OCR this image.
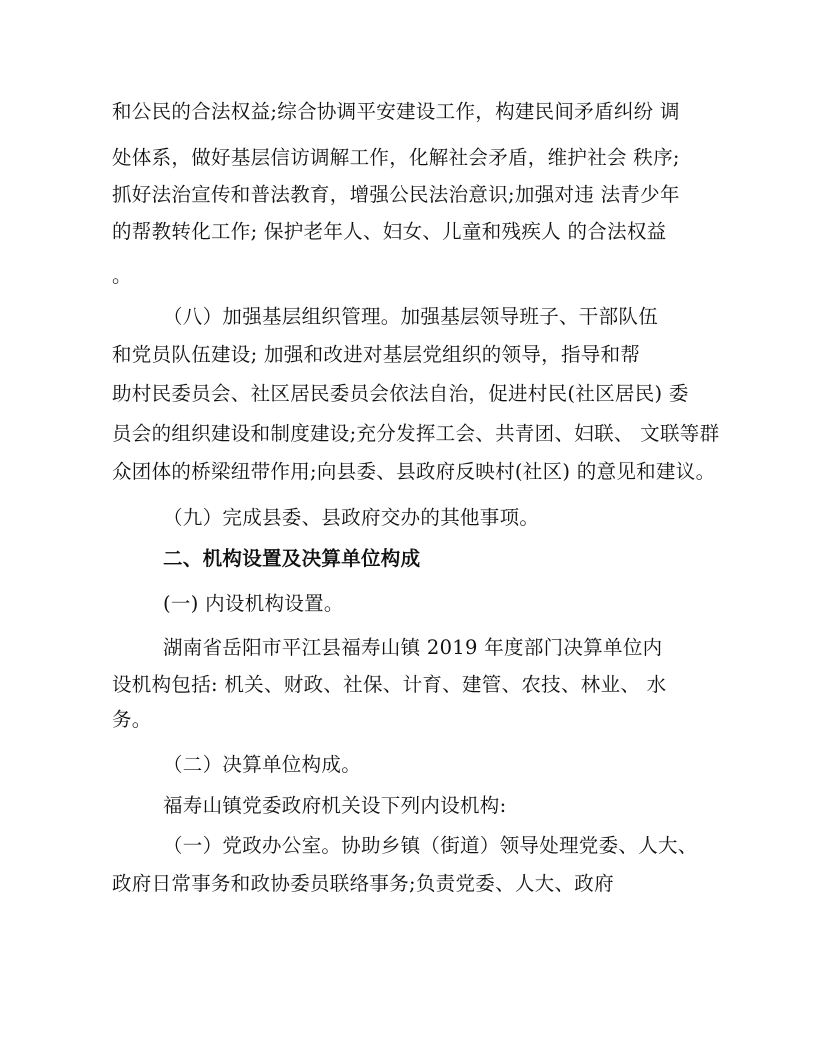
和公民的合法权益;综合协调平安建设工作，构建民间矛盾纠纷 调
处体系，做好基层信访调解工作，化解社会矛盾，维护社会 秩序;
抓好法治宣传和普法教育，增强公民法治意识;加强对违 法青少年
的帮教转化工作; 保护老年人、妇女、儿童和残疾人 的合法权益
。
（八）加强基层组织管理。加强基层领导班子、干部队伍
和党员队伍建设; 加强和改进对基层党组织的领导，指导和帮
助村民委员会、社区居民委员会依法自治，促进村民(社区居民) 委
员会的组织建设和制度建设;充分发挥工会、共青团、妇联、 文联等群
众团体的桥梁纽带作用;向县委、县政府反映村(社区) 的意见和建议。
（九）完成县委、县政府交办的其他事项。
二、机构设置及决算单位构成
(一) 内设机构设置。
湖南省岳阳市平江县福寿山镇 2019 年度部门决算单位内
设机构包括: 机关、财政、社保、计育、建管、农技、林业、 水
务。
（二）决算单位构成。
福寿山镇党委政府机关设下列内设机构:
（一）党政办公室。协助乡镇（街道）领导处理党委、人大、
政府日常事务和政协委员联络事务;负责党委、人大、政府
